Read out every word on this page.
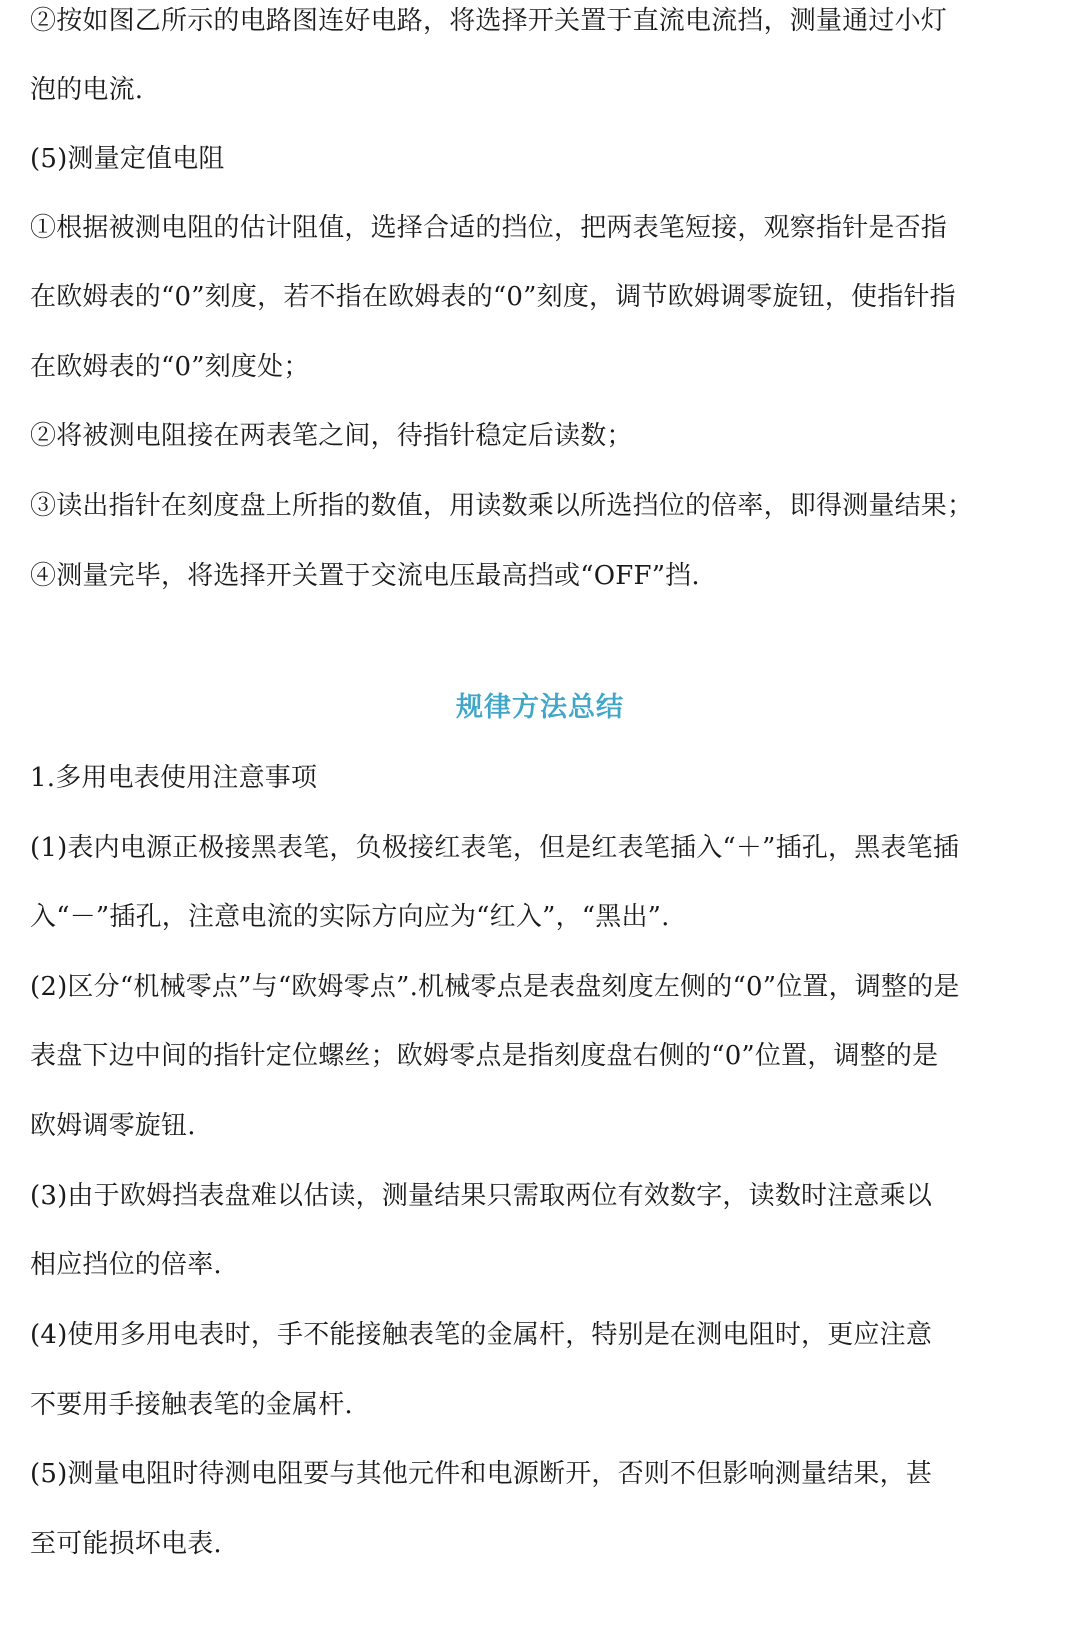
②按如图乙所示的电路图连好电路，将选择开关置于直流电流挡，测量通过小灯
泡的电流.
(5)测量定值电阻
①根据被测电阻的估计阻值，选择合适的挡位，把两表笔短接，观察指针是否指
在欧姆表的“0”刻度，若不指在欧姆表的“0”刻度，调节欧姆调零旋钮，使指针指
在欧姆表的“0”刻度处；
②将被测电阻接在两表笔之间，待指针稳定后读数；
③读出指针在刻度盘上所指的数值，用读数乘以所选挡位的倍率，即得测量结果；
④测量完毕，将选择开关置于交流电压最高挡或“OFF”挡.
规律方法总结
1.多用电表使用注意事项
(1)表内电源正极接黑表笔，负极接红表笔，但是红表笔插入“＋”插孔，黑表笔插
入“－”插孔，注意电流的实际方向应为“红入”，“黑出”.
(2)区分“机械零点”与“欧姆零点”.机械零点是表盘刻度左侧的“0”位置，调整的是
表盘下边中间的指针定位螺丝；欧姆零点是指刻度盘右侧的“0”位置，调整的是
欧姆调零旋钮.
(3)由于欧姆挡表盘难以估读，测量结果只需取两位有效数字，读数时注意乘以
相应挡位的倍率.
(4)使用多用电表时，手不能接触表笔的金属杆，特别是在测电阻时，更应注意
不要用手接触表笔的金属杆.
(5)测量电阻时待测电阻要与其他元件和电源断开，否则不但影响测量结果，甚
至可能损坏电表.
